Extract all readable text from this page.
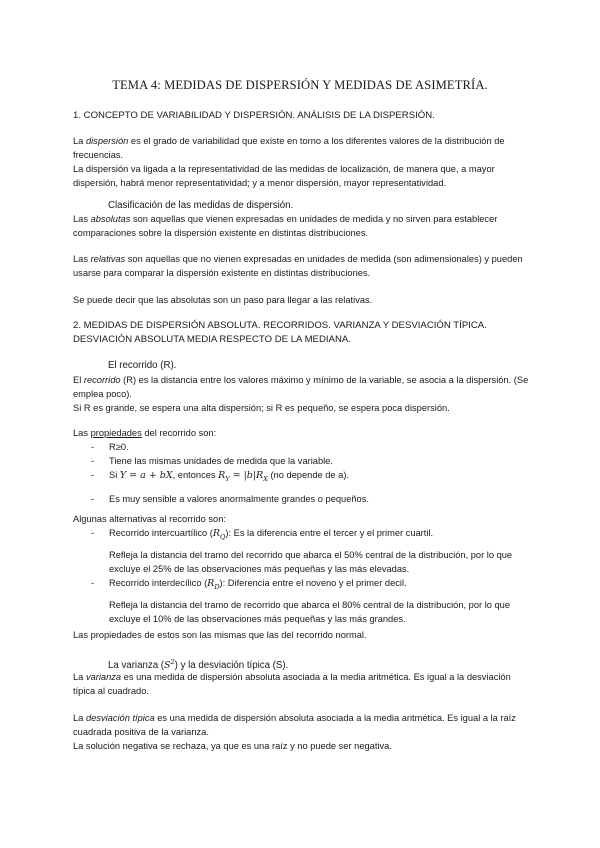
TEMA 4: MEDIDAS DE DISPERSIÓN Y MEDIDAS DE ASIMETRÍA.
1. CONCEPTO DE VARIABILIDAD Y DISPERSIÓN. ANÁLISIS DE LA DISPERSIÓN.

La dispersión es el grado de variabilidad que existe en torno a los diferentes valores de la distribución de frecuencias.

La dispersión va ligada a la representatividad de las medidas de localización, de manera que, a mayor dispersión, habrá menor representatividad; y a menor dispersión, mayor representatividad.

Clasificación de las medidas de dispersión.

Las absolutas son aquellas que vienen expresadas en unidades de medida y no sirven para establecer comparaciones sobre la dispersión existente en distintas distribuciones.

Las relativas son aquellas que no vienen expresadas en unidades de medida (son adimensionales) y pueden usarse para comparar la dispersión existente en distintas distribuciones.

Se puede decir que las absolutas son un paso para llegar a las relativas.
2. MEDIDAS DE DISPERSIÓN ABSOLUTA. RECORRIDOS. VARIANZA Y DESVIACIÓN TÍPICA. DESVIACIÓN ABSOLUTA MEDIA RESPECTO DE LA MEDIANA.
El recorrido (R).

El recorrido (R) es la distancia entre los valores máximo y mínimo de la variable, se asocia a la dispersión. (Se emplea poco).

Si R es grande, se espera una alta dispersión; si R es pequeño, se espera poca dispersión.

Las propiedades del recorrido son:

- R≥0.
- Tiene las mismas unidades de medida que la variable.
- Si Y = a + bX, entonces $R_Y = |b|R_X$ (no depende de a).
- Es muy sensible a valores anormalmente grandes o pequeños.

Algunas alternativas al recorrido son:

- Recorrido intercuartílico $(R_Q)$: Es la diferencia entre el tercer y el primer cuartil.

Refleja la distancia del tramo del recorrido que abarca el 50% central de la distribución, por lo que excluye el 25% de las observaciones más pequeñas y las más elevadas.

- Recorrido interdecílico $(R_D)$: Diferencia entre el noveno y el primer decil.

Refleja la distancia del tramo de recorrido que abarca el 80% central de la distribución, por lo que excluye el 10% de las observaciones más pequeñas y las más grandes.

Las propiedades de estos son las mismas que las del recorrido normal.
La varianza $(S^2)$ y la desviación típica (S).

La varianza es una medida de dispersión absoluta asociada a la media aritmética. Es igual a la desviación típica al cuadrado.

La desviación típica es una medida de dispersión absoluta asociada a la media aritmética. Es igual a la raíz cuadrada positiva de la varianza.

La solución negativa se rechaza, ya que es una raíz y no puede ser negativa.
